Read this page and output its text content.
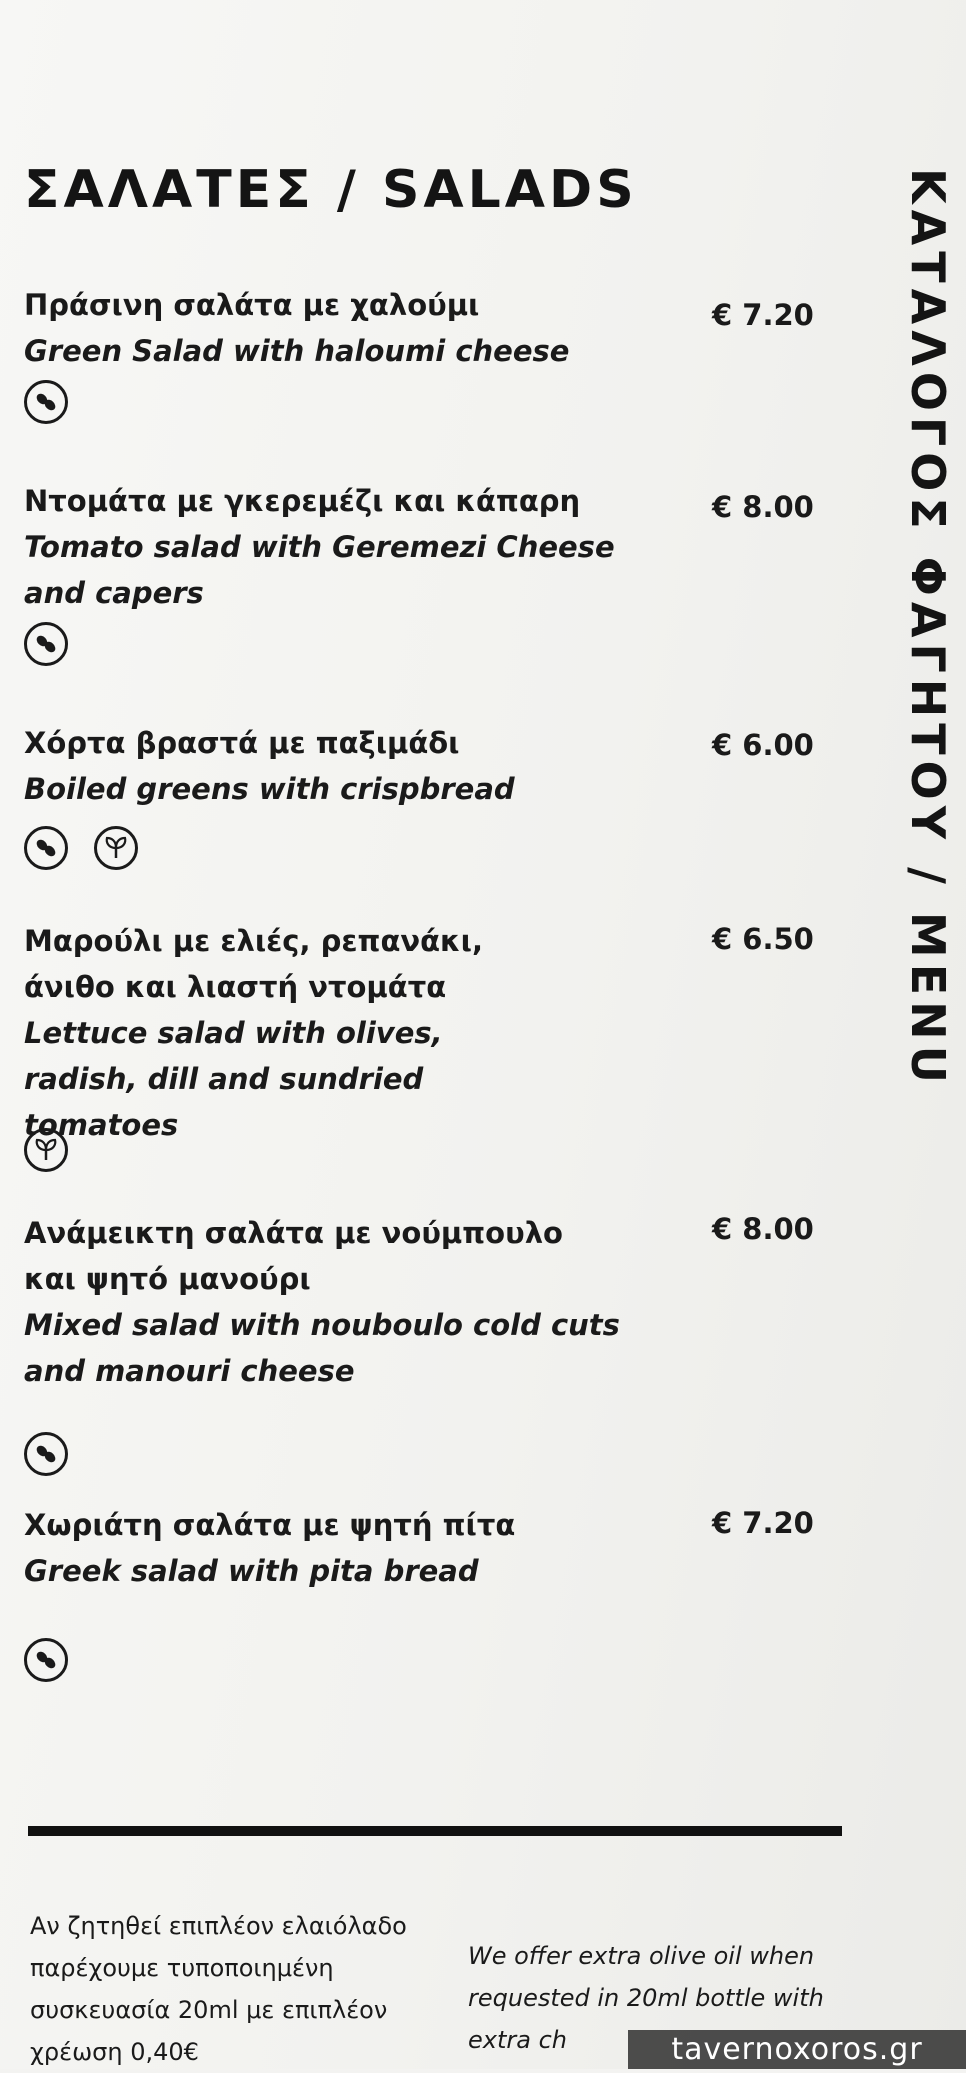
ΣΑΛΑΤΕΣ / SALADS	ΚΑΤΑΛΟΓΟΣ ΦΑΓΗΤΟΥ / MENU
Πράσινη σαλάτα με χαλούμι
Green Salad with haloumi cheese
€ 7.20
Ντομάτα με γκερεμέζι και κάπαρη
Tomato salad with Geremezi Cheese and capers
€ 8.00
Χόρτα βραστά με παξιμάδι
Boiled greens with crispbread
€ 6.00
Μαρούλι με ελιές, ρεπανάκι, άνιθο και λιαστή ντομάτα
Lettuce salad with olives, radish, dill and sundried tomatoes
€ 6.50
Ανάμεικτη σαλάτα με νούμπουλο και ψητό μανούρι
Mixed salad with nouboulo cold cuts and manouri cheese
€ 8.00
Χωριάτη σαλάτα με ψητή πίτα
Greek salad with pita bread
€ 7.20
Αν ζητηθεί επιπλέον ελαιόλαδο παρέχουμε τυποποιημένη συσκευασία 20ml με επιπλέον χρέωση 0,40€
We offer extra olive oil when requested in 20ml bottle with extra ch	tavernoxoros.gr
